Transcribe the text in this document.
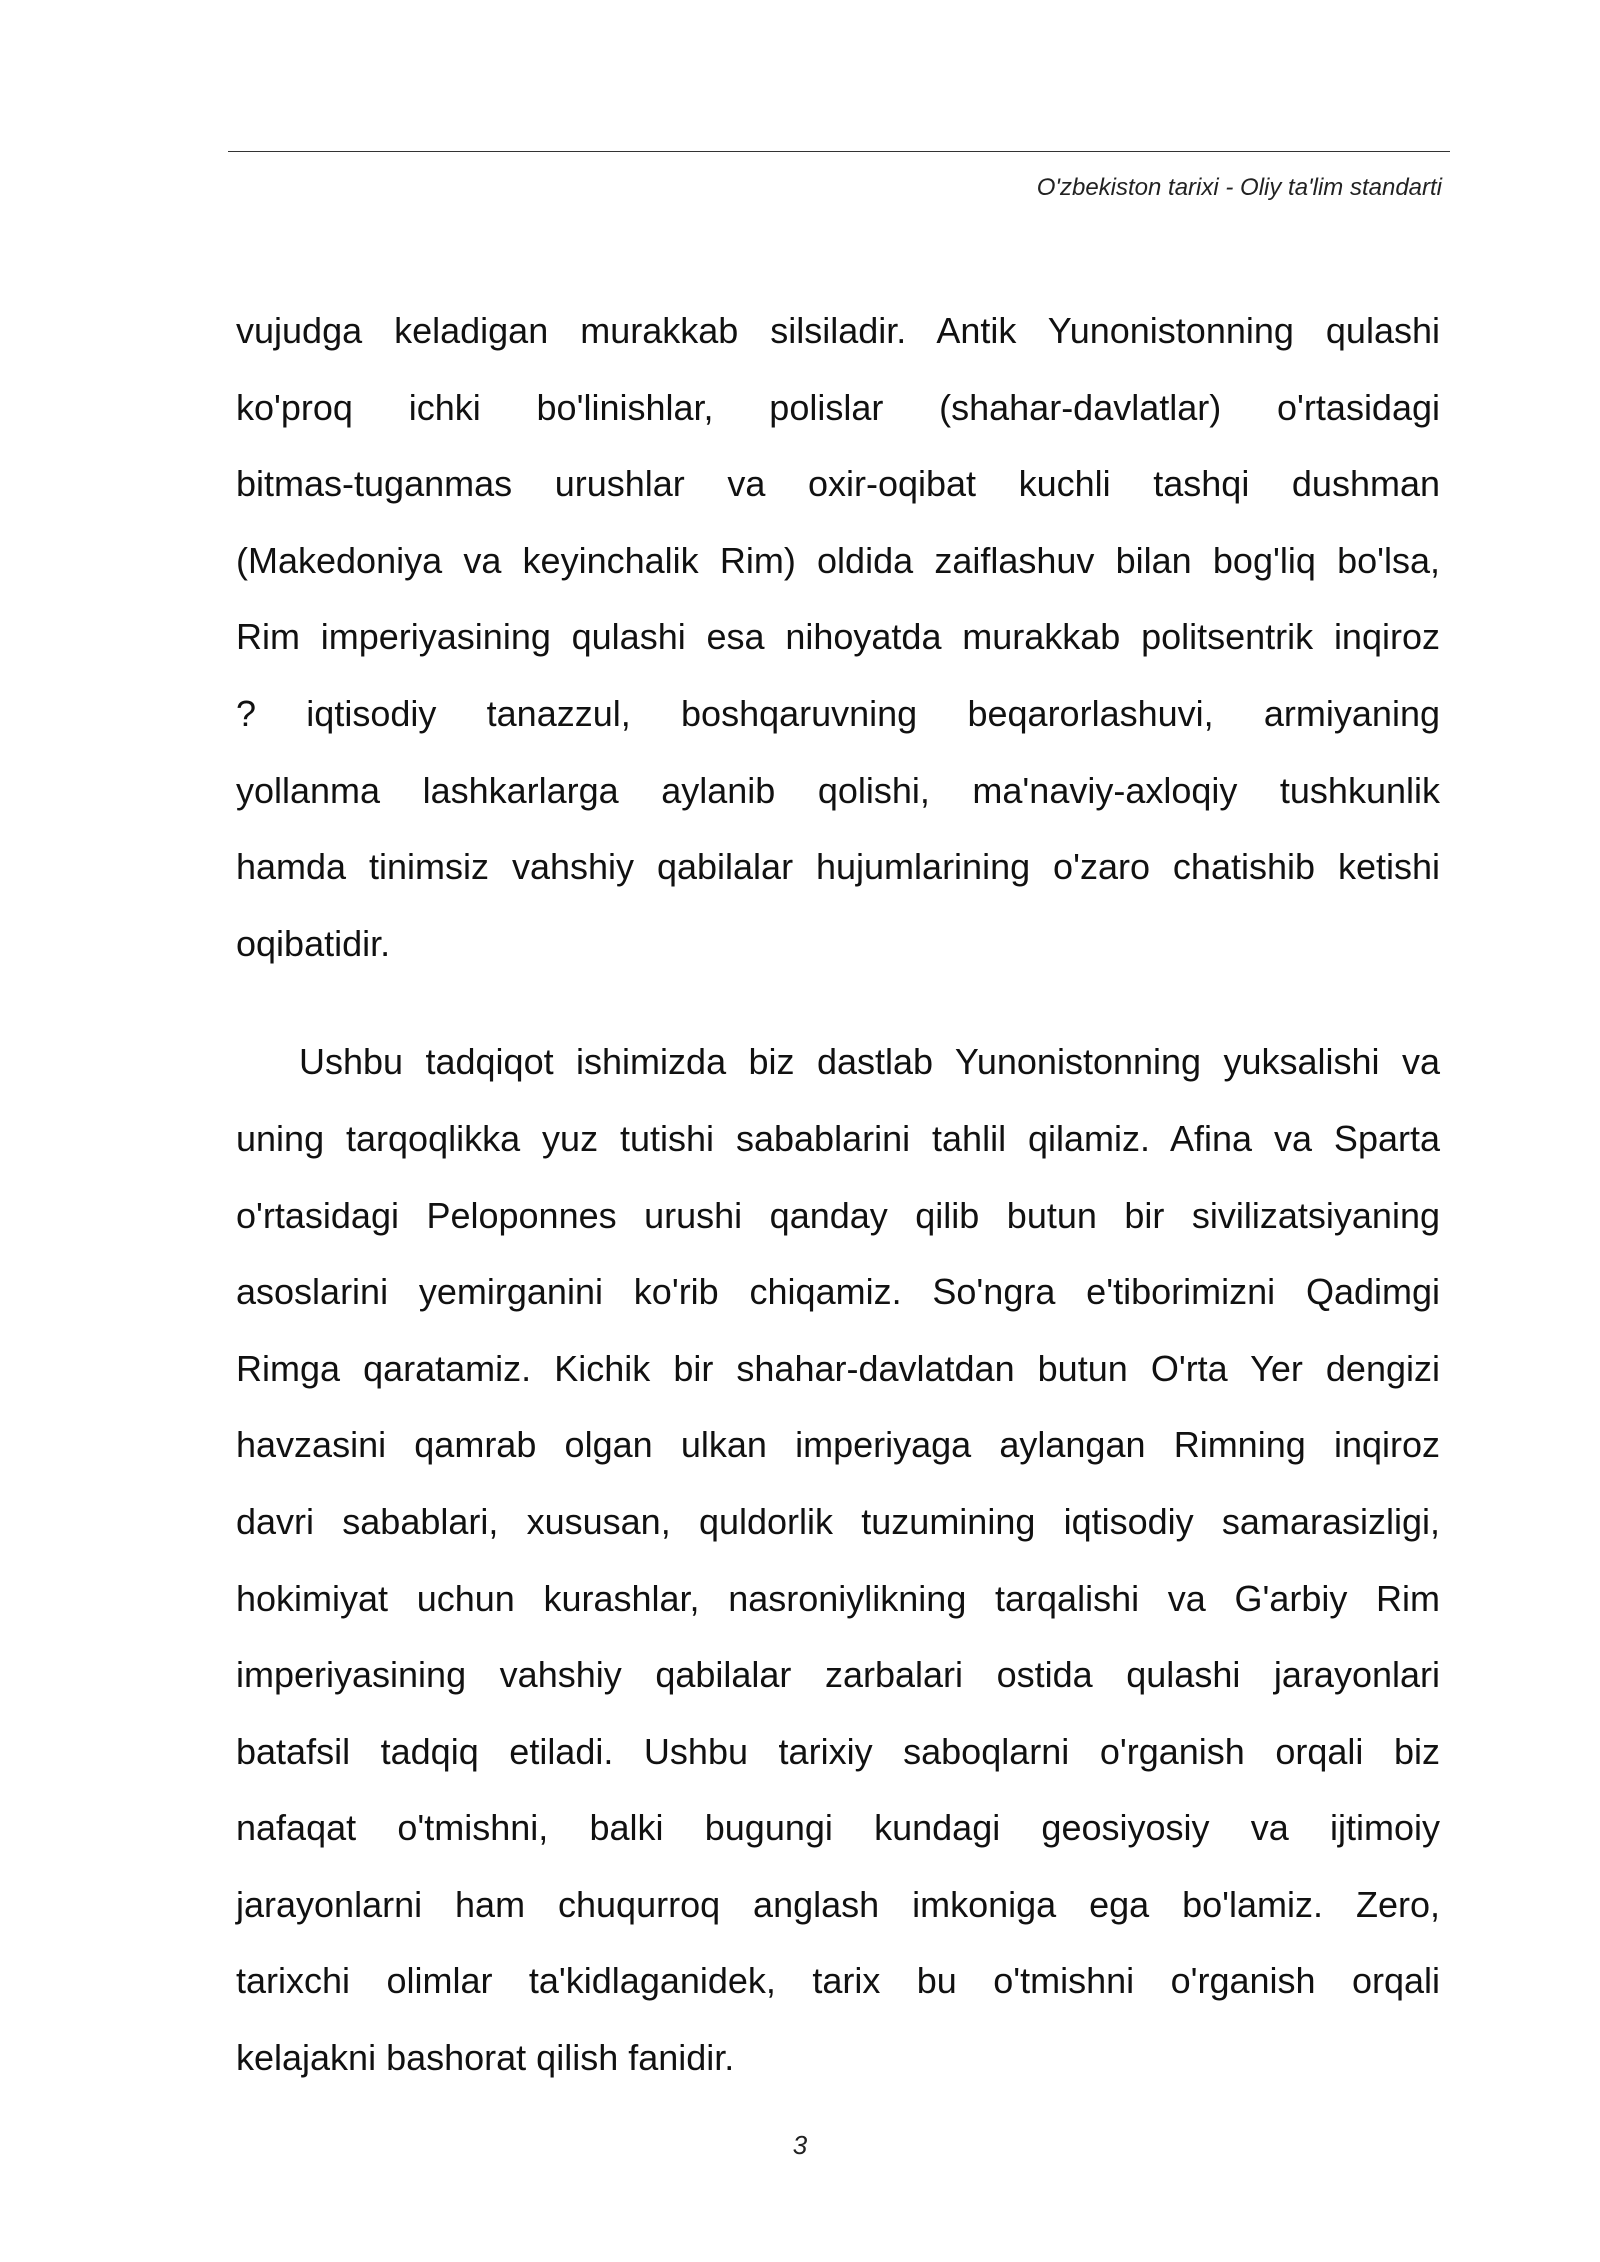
O'zbekiston tarixi - Oliy ta'lim standarti
vujudga keladigan murakkab silsiladir. Antik Yunonistonning qulashi
ko'proq ichki bo'linishlar, polislar (shahar-davlatlar) o'rtasidagi
bitmas-tuganmas urushlar va oxir-oqibat kuchli tashqi dushman
(Makedoniya va keyinchalik Rim) oldida zaiflashuv bilan bog'liq bo'lsa,
Rim imperiyasining qulashi esa nihoyatda murakkab politsentrik inqiroz
? iqtisodiy tanazzul, boshqaruvning beqarorlashuvi, armiyaning
yollanma lashkarlarga aylanib qolishi, ma'naviy-axloqiy tushkunlik
hamda tinimsiz vahshiy qabilalar hujumlarining o'zaro chatishib ketishi
oqibatidir.
Ushbu tadqiqot ishimizda biz dastlab Yunonistonning yuksalishi va
uning tarqoqlikka yuz tutishi sabablarini tahlil qilamiz. Afina va Sparta
o'rtasidagi Peloponnes urushi qanday qilib butun bir sivilizatsiyaning
asoslarini yemirganini ko'rib chiqamiz. So'ngra e'tiborimizni Qadimgi
Rimga qaratamiz. Kichik bir shahar-davlatdan butun O'rta Yer dengizi
havzasini qamrab olgan ulkan imperiyaga aylangan Rimning inqiroz
davri sabablari, xususan, quldorlik tuzumining iqtisodiy samarasizligi,
hokimiyat uchun kurashlar, nasroniylikning tarqalishi va G'arbiy Rim
imperiyasining vahshiy qabilalar zarbalari ostida qulashi jarayonlari
batafsil tadqiq etiladi. Ushbu tarixiy saboqlarni o'rganish orqali biz
nafaqat o'tmishni, balki bugungi kundagi geosiyosiy va ijtimoiy
jarayonlarni ham chuqurroq anglash imkoniga ega bo'lamiz. Zero,
tarixchi olimlar ta'kidlaganidek, tarix bu o'tmishni o'rganish orqali
kelajakni bashorat qilish fanidir.
3
